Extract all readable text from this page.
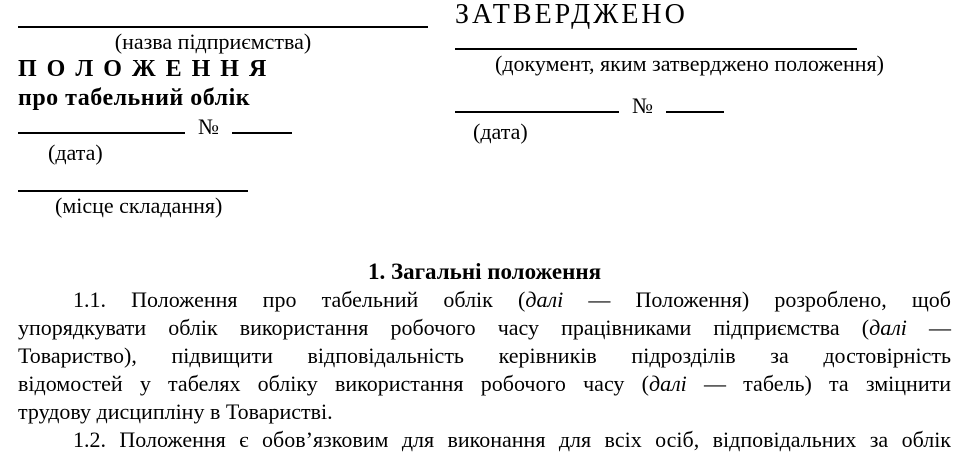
(назва підприємства)
П О Л О Ж Е Н Н Я
про табельний облік
№
(дата)
(місце складання)
ЗАТВЕРДЖЕНО
(документ, яким затверджено положення)
№
(дата)
1. Загальні положення
1.1. Положення про табельний облік (далі — Положення) розроблено, щоб
упорядкувати облік використання робочого часу працівниками підприємства (далі —
Товариство), підвищити відповідальність керівників підрозділів за достовірність
відомостей у табелях обліку використання робочого часу (далі — табель) та зміцнити
трудову дисципліну в Товаристві.
1.2. Положення є обов’язковим для виконання для всіх осіб, відповідальних за облік
